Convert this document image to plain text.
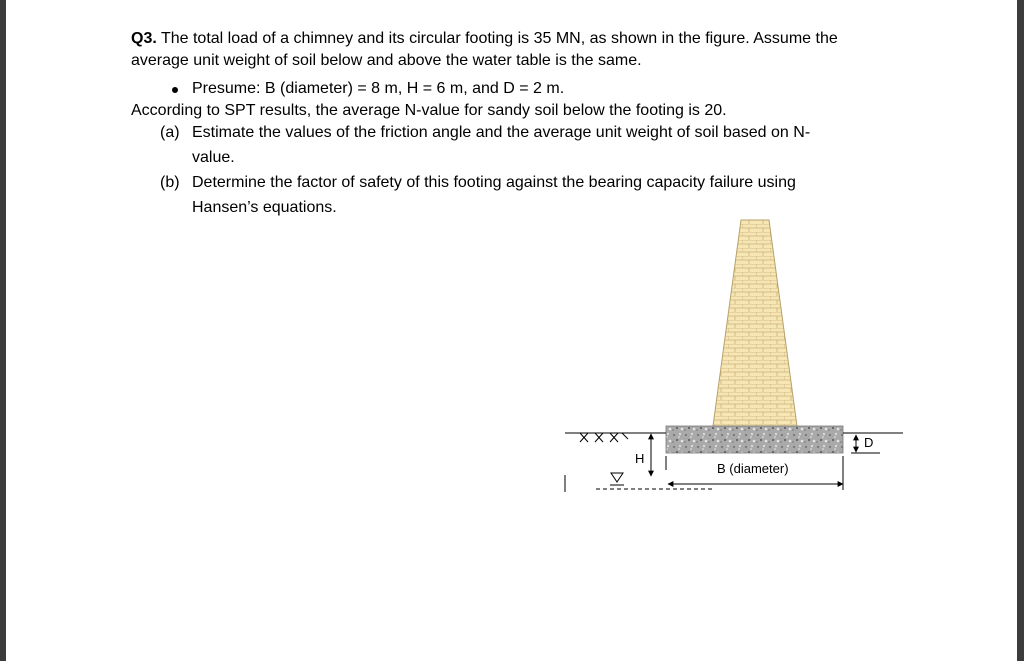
Q3. The total load of a chimney and its circular footing is 35 MN, as shown in the figure. Assume the
average unit weight of soil below and above the water table is the same.
Presume: B (diameter) = 8 m, H = 6 m, and D = 2 m.
According to SPT results, the average N-value for sandy soil below the footing is 20.
(a) Estimate the values of the friction angle and the average unit weight of soil based on N-
value.
(b) Determine the factor of safety of this footing against the bearing capacity failure using
Hansen’s equations.
H
B (diameter)
D
